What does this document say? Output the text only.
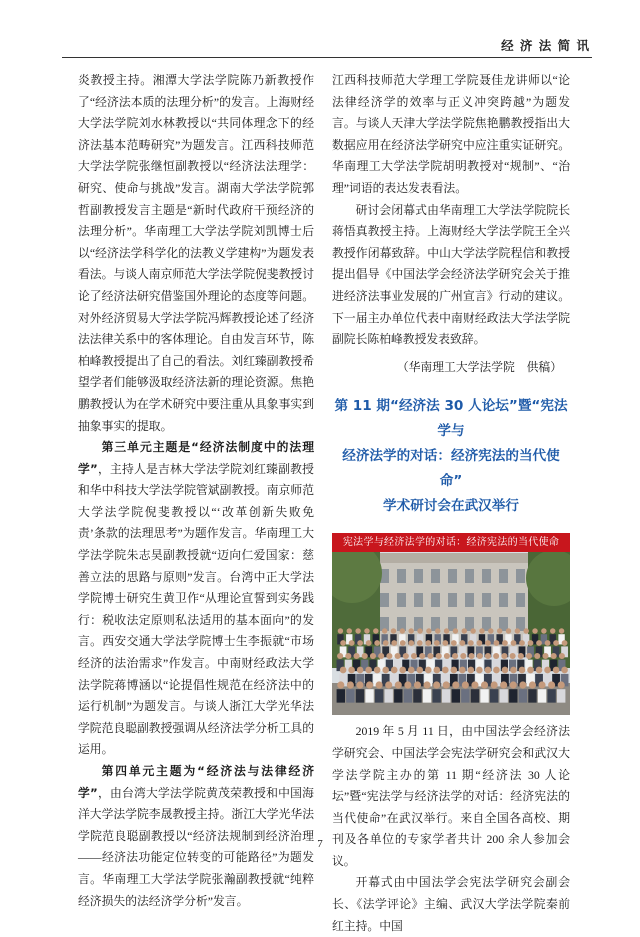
经 济 法 简 讯

炎教授主持。湘潭大学法学院陈乃新教授作了“经济法本质的法理分析”的发言。上海财经大学法学院刘水林教授以“共同体理念下的经济法基本范畴研究”为题发言。江西科技师范大学法学院张继恒副教授以“经济法法理学：研究、使命与挑战”发言。湖南大学法学院郭哲副教授发言主题是“新时代政府干预经济的法理分析”。华南理工大学法学院刘凯博士后以“经济法学科学化的法教义学建构”为题发表看法。与谈人南京师范大学法学院倪斐教授讨论了经济法研究借鉴国外理论的态度等问题。对外经济贸易大学法学院冯辉教授论述了经济法法律关系中的客体理论。自由发言环节，陈柏峰教授提出了自己的看法。刘红臻副教授希望学者们能够汲取经济法新的理论资源。焦艳鹏教授认为在学术研究中要注重从具象事实到抽象事实的提取。

第三单元主题是“经济法制度中的法理学”，主持人是吉林大学法学院刘红臻副教授和华中科技大学法学院管斌副教授。南京师范大学法学院倪斐教授以“‘改革创新失败免责’条款的法理思考”为题作发言。华南理工大学法学院朱志昊副教授就“迈向仁爱国家：慈善立法的思路与原则”发言。台湾中正大学法学院博士研究生黄卫作“从理论宣誓到实务践行：税收法定原则私法适用的基本面向”的发言。西安交通大学法学院博士生李振就“市场经济的法治需求”作发言。中南财经政法大学法学院蒋博涵以“论提倡性规范在经济法中的运行机制”为题发言。与谈人浙江大学光华法学院范良聪副教授强调从经济法学分析工具的运用。

第四单元主题为“经济法与法律经济学”，由台湾大学法学院黄茂荣教授和中国海洋大学法学院李晟教授主持。浙江大学光华法学院范良聪副教授以“经济法规制到经济治理——经济法功能定位转变的可能路径”为题发言。华南理工大学法学院张瀚副教授就“纯粹经济损失的法经济学分析”发言。

江西科技师范大学理工学院聂佳龙讲师以“论法律经济学的效率与正义冲突跨越”为题发言。与谈人天津大学法学院焦艳鹏教授指出大数据应用在经济法学研究中应注重实证研究。华南理工大学法学院胡明教授对“规制”、“治理”词语的表达发表看法。

研讨会闭幕式由华南理工大学法学院院长蒋悟真教授主持。上海财经大学法学院王全兴教授作闭幕致辞。中山大学法学院程信和教授提出倡导《中国法学会经济法学研究会关于推进经济法事业发展的广州宣言》行动的建议。下一届主办单位代表中南财经政法大学法学院副院长陈柏峰教授发表致辞。

（华南理工大学法学院　供稿）
第 11 期“经济法 30 人论坛”暨“宪法学与
经济法学的对话：经济宪法的当代使命”
学术研讨会在武汉举行
宪法学与经济法学的对话：经济宪法的当代使命

2019 年 5 月 11 日，由中国法学会经济法学研究会、中国法学会宪法学研究会和武汉大学法学院主办的第 11 期“经济法 30 人论坛”暨“宪法学与经济法学的对话：经济宪法的当代使命”在武汉举行。来自全国各高校、期刊及各单位的专家学者共计 200 余人参加会议。

开幕式由中国法学会宪法学研究会副会长、《法学评论》主编、武汉大学法学院秦前红主持。中国

7
